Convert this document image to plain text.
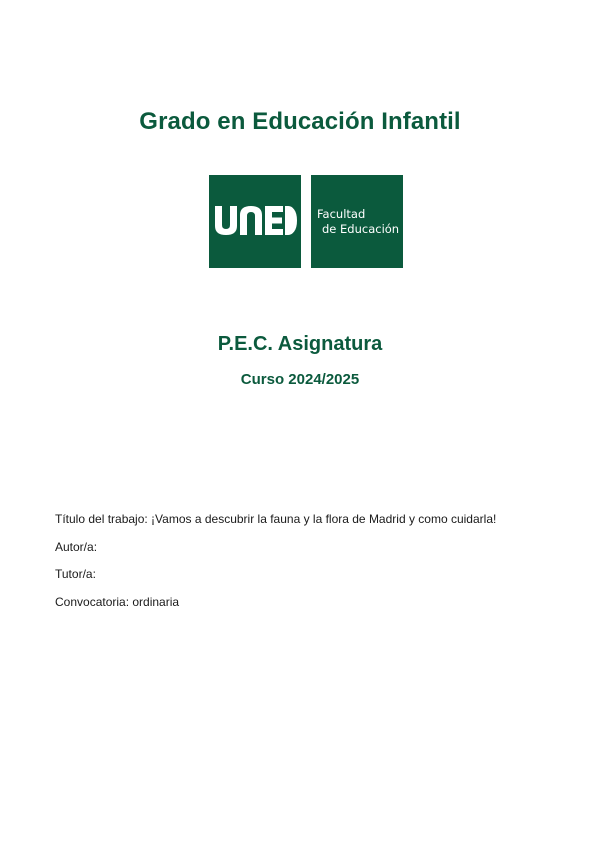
Grado en Educación Infantil
Facultad
de Educación
P.E.C. Asignatura
Curso 2024/2025
Título del trabajo: ¡Vamos a descubrir la fauna y la flora de Madrid y como cuidarla!
Autor/a:
Tutor/a:
Convocatoria: ordinaria
